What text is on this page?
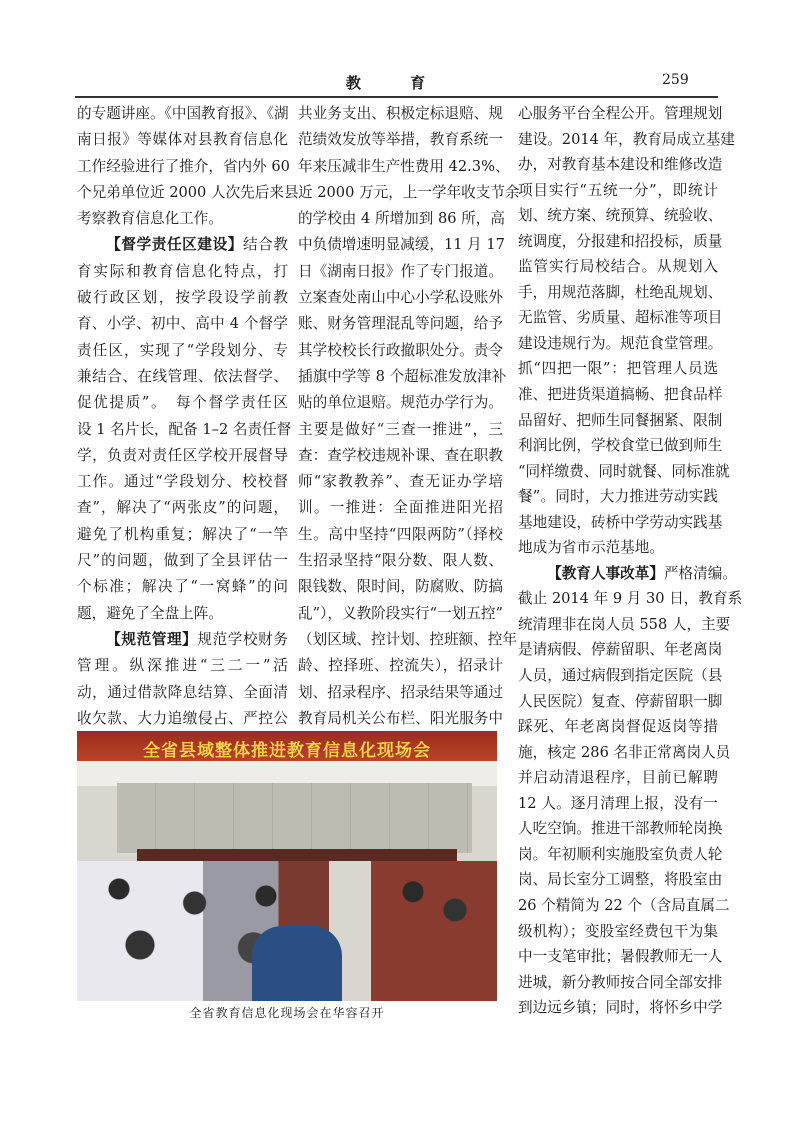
教 育	259
的专题讲座。《中国教育报》、《湖
南日报》等媒体对县教育信息化
工作经验进行了推介，省内外 60
个兄弟单位近 2000 人次先后来县
考察教育信息化工作。
【督学责任区建设】结合教
育实际和教育信息化特点，打
破行政区划，按学段设学前教
育、小学、初中、高中 4 个督学
责任区，实现了“学段划分、专
兼结合、在线管理、依法督学、
促优提质”。　每个督学责任区
设 1 名片长，配备 1–2 名责任督
学，负责对责任区学校开展督导
工作。通过“学段划分、校校督
查”，解决了“两张皮”的问题，
避免了机构重复；解决了“一竿
尺”的问题，做到了全县评估一
个标准；解决了“一窝蜂”的问
题，避免了全盘上阵。
【规范管理】规范学校财务
管理。纵深推进“三二一”活
动，通过借款降息结算、全面清
收欠款、大力追缴侵占、严控公
共业务支出、积极定标退赔、规
范绩效发放等举措，教育系统一
年来压减非生产性费用 42.3%、
近 2000 万元，上一学年收支节余
的学校由 4 所增加到 86 所，高
中负债增速明显减缓，11 月 17
日《湖南日报》作了专门报道。
立案查处南山中心小学私设账外
账、财务管理混乱等问题，给予
其学校校长行政撤职处分。责令
插旗中学等 8 个超标准发放津补
贴的单位退赔。规范办学行为。
主要是做好“三查一推进”，三
查：查学校违规补课、查在职教
师“家教教养”、查无证办学培
训。一推进：全面推进阳光招
生。高中坚持“四限两防”（择校
生招录坚持“限分数、限人数、
限钱数、限时间，防腐败、防搞
乱”），义教阶段实行“一划五控”
（划区域、控计划、控班额、控年
龄、控择班、控流失），招录计
划、招录程序、招录结果等通过
教育局机关公布栏、阳光服务中
心服务平台全程公开。管理规划
建设。2014 年，教育局成立基建
办，对教育基本建设和维修改造
项目实行“五统一分”，即统计
划、统方案、统预算、统验收、
统调度，分报建和招投标，质量
监管实行局校结合。从规划入
手，用规范落脚，杜绝乱规划、
无监管、劣质量、超标准等项目
建设违规行为。规范食堂管理。
抓“四把一限”：把管理人员选
准、把进货渠道搞畅、把食品样
品留好、把师生同餐捆紧、限制
利润比例，学校食堂已做到师生
“同样缴费、同时就餐、同标准就
餐”。同时，大力推进劳动实践
基地建设，砖桥中学劳动实践基
地成为省市示范基地。
【教育人事改革】严格清编。
截止 2014 年 9 月 30 日，教育系
统清理非在岗人员 558 人，主要
是请病假、停薪留职、年老离岗
人员，通过病假到指定医院（县
人民医院）复查、停薪留职一脚
踩死、年老离岗督促返岗等措
施，核定 286 名非正常离岗人员
并启动清退程序，目前已解聘
12 人。逐月清理上报，没有一
人吃空饷。推进干部教师轮岗换
岗。年初顺利实施股室负责人轮
岗、局长室分工调整，将股室由
26 个精简为 22 个（含局直属二
级机构）；变股室经费包干为集
中一支笔审批；暑假教师无一人
进城，新分教师按合同全部安排
到边远乡镇；同时，将怀乡中学
全省县域整体推进教育信息化现场会
全省教育信息化现场会在华容召开
